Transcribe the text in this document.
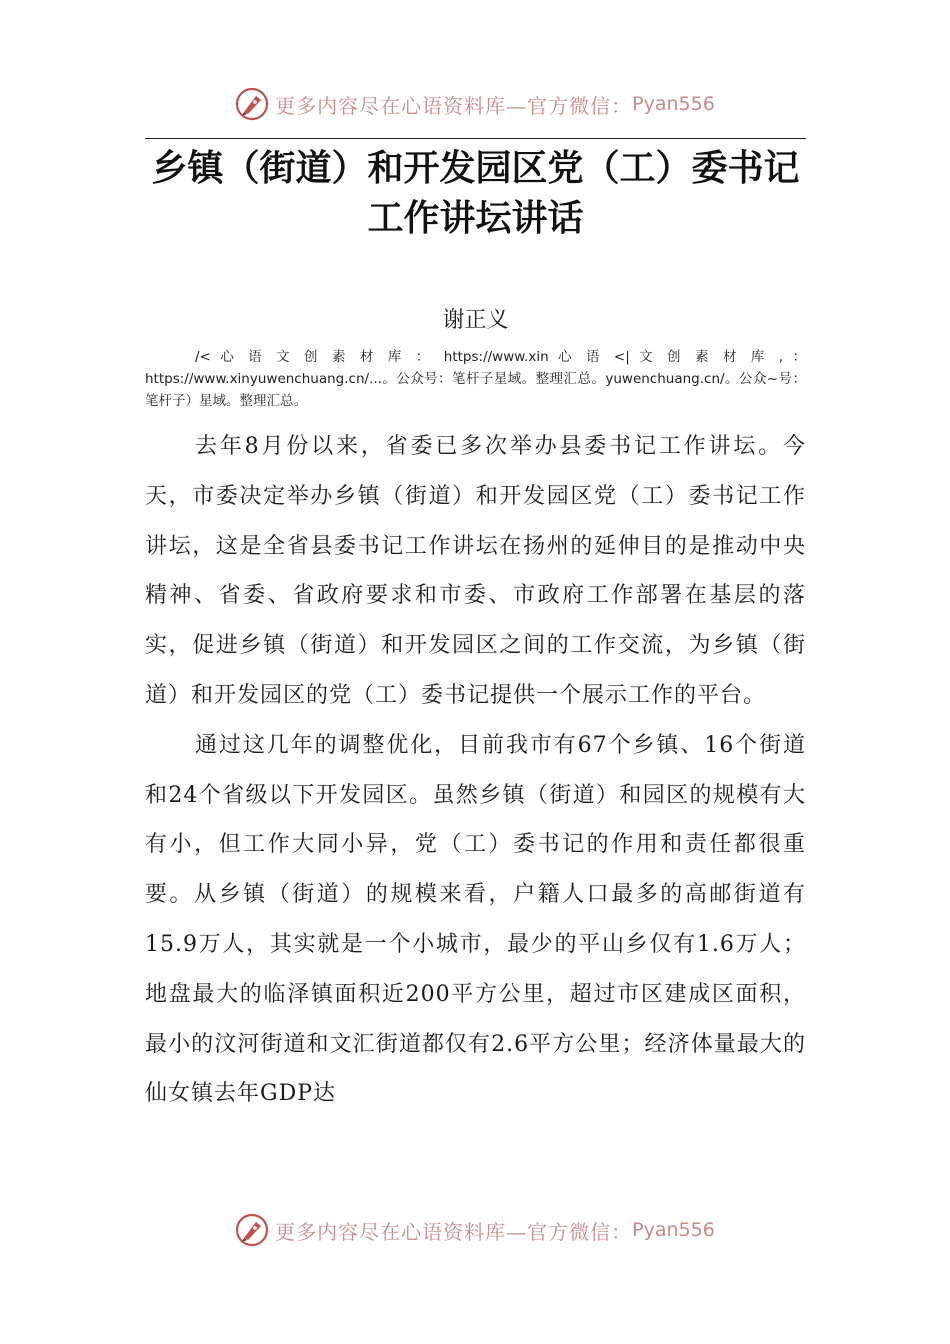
更多内容尽在心语资料库—官方微信： Pyan556
乡镇（街道）和开发园区党（工）委书记工作讲坛讲话
谢正义
/< 心 语 文 创 素 材 库 ： https://www.xin 心 语 <| 文 创 素 材 库 , ： https://www.xinyuwenchuang.cn/...。公众号：笔杆子星域。整理汇总。yuwenchuang.cn/。公众~号：笔杆子）星域。整理汇总。

去年8月份以来，省委已多次举办县委书记工作讲坛。今天，市委决定举办乡镇（街道）和开发园区党（工）委书记工作讲坛，这是全省县委书记工作讲坛在扬州的延伸目的是推动中央精神、省委、省政府要求和市委、市政府工作部署在基层的落实，促进乡镇（街道）和开发园区之间的工作交流，为乡镇（街道）和开发园区的党（工）委书记提供一个展示工作的平台。

通过这几年的调整优化，目前我市有67个乡镇、16个街道和24个省级以下开发园区。虽然乡镇（街道）和园区的规模有大有小，但工作大同小异，党（工）委书记的作用和责任都很重要。从乡镇（街道）的规模来看，户籍人口最多的高邮街道有15.9万人，其实就是一个小城市，最少的平山乡仅有1.6万人；地盘最大的临泽镇面积近200平方公里，超过市区建成区面积，最小的汶河街道和文汇街道都仅有2.6平方公里；经济体量最大的仙女镇去年GDP达

更多内容尽在心语资料库—官方微信： Pyan556
